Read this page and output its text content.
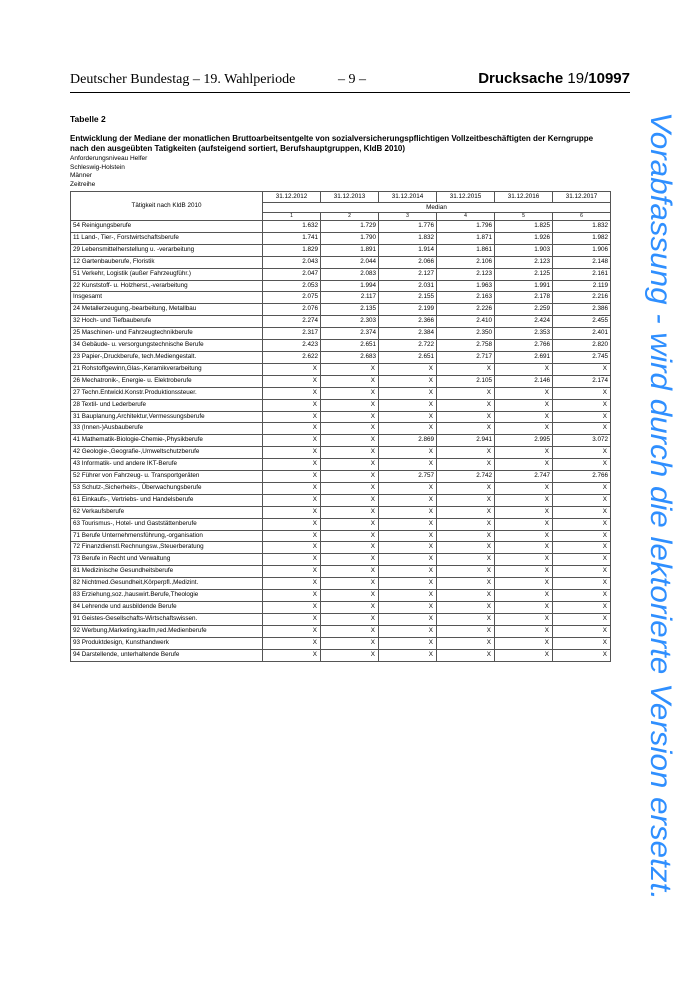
Deutscher Bundestag – 19. Wahlperiode	– 9 –	Drucksache 19/10997
Tabelle 2
Entwicklung der Mediane der monatlichen Bruttoarbeitsentgelte von sozialversicherungspflichtigen Vollzeitbeschäftigten der Kerngruppe nach den ausgeübten Tatigkeiten (aufsteigend sortiert, Berufshauptgruppen, KldB 2010)
Anforderungsniveau Helfer
Schleswig-Holstein
Männer
Zeitreihe
Tätigkeit nach KldB 2010	31.12.2012	31.12.2013	31.12.2014	31.12.2015	31.12.2016	31.12.2017
	Median					
	1	2	3	4	5	6
54 Reinigungsberufe	1.632	1.729	1.776	1.796	1.825	1.832
11 Land-, Tier-, Forstwirtschaftsberufe	1.741	1.790	1.832	1.871	1.926	1.982
29 Lebensmittelherstellung u. -verarbeitung	1.829	1.891	1.914	1.861	1.903	1.906
12 Gartenbauberufe, Floristik	2.043	2.044	2.066	2.106	2.123	2.148
51 Verkehr, Logistik (außer Fahrzeugführ.)	2.047	2.083	2.127	2.123	2.125	2.161
22 Kunststoff- u. Holzherst.,-verarbeitung	2.053	1.994	2.031	1.963	1.991	2.119
Insgesamt	2.075	2.117	2.155	2.163	2.178	2.216
24 Metallerzeugung,-bearbeitung, Metallbau	2.076	2.135	2.199	2.226	2.259	2.386
32 Hoch- und Tiefbauberufe	2.274	2.303	2.366	2.410	2.424	2.455
25 Maschinen- und Fahrzeugtechnikberufe	2.317	2.374	2.384	2.350	2.353	2.401
34 Gebäude- u. versorgungstechnische Berufe	2.423	2.651	2.722	2.758	2.766	2.820
23 Papier-,Druckberufe, tech.Mediengestalt.	2.622	2.683	2.651	2.717	2.691	2.745
21 Rohstoffgewinn,Glas-,Keramikverarbeitung	X	X	X	X	X	X
26 Mechatronik-, Energie- u. Elektroberufe	X	X	X	2.105	2.146	2.174
27 Techn.Entwickl.Konstr.Produktionssteuer.	X	X	X	X	X	X
28 Textil- und Lederberufe	X	X	X	X	X	X
31 Bauplanung,Architektur,Vermessungsberufe	X	X	X	X	X	X
33 (Innen-)Ausbauberufe	X	X	X	X	X	X
41 Mathematik-Biologie-Chemie-,Physikberufe	X	X	2.869	2.941	2.995	3.072
42 Geologie-,Geografie-,Umweltschutzberufe	X	X	X	X	X	X
43 Informatik- und andere IKT-Berufe	X	X	X	X	X	X
52 Führer von Fahrzeug- u. Transportgeräten	X	X	2.757	2.742	2.747	2.766
53 Schutz-,Sicherheits-, Überwachungsberufe	X	X	X	X	X	X
61 Einkaufs-, Vertriebs- und Handelsberufe	X	X	X	X	X	X
62 Verkaufsberufe	X	X	X	X	X	X
63 Tourismus-, Hotel- und Gaststättenberufe	X	X	X	X	X	X
71 Berufe Unternehmensführung,-organisation	X	X	X	X	X	X
72 Finanzdienstl.Rechnungsw.,Steuerberatung	X	X	X	X	X	X
73 Berufe in Recht und Verwaltung	X	X	X	X	X	X
81 Medizinische Gesundheitsberufe	X	X	X	X	X	X
82 Nichtmed.Gesundheit,Körperpfl.,Medizint.	X	X	X	X	X	X
83 Erziehung,soz.,hauswirt.Berufe,Theologie	X	X	X	X	X	X
84 Lehrende und ausbildende Berufe	X	X	X	X	X	X
91 Geistes-Gesellschafts-Wirtschaftswissen.	X	X	X	X	X	X
92 Werbung,Marketing,kaufm,red.Medienberufe	X	X	X	X	X	X
93 Produktdesign, Kunsthandwerk	X	X	X	X	X	X
94 Darstellende, unterhaltende Berufe	X	X	X	X	X	X Vorabfassung - wird durch die lektorierte Version ersetzt.
